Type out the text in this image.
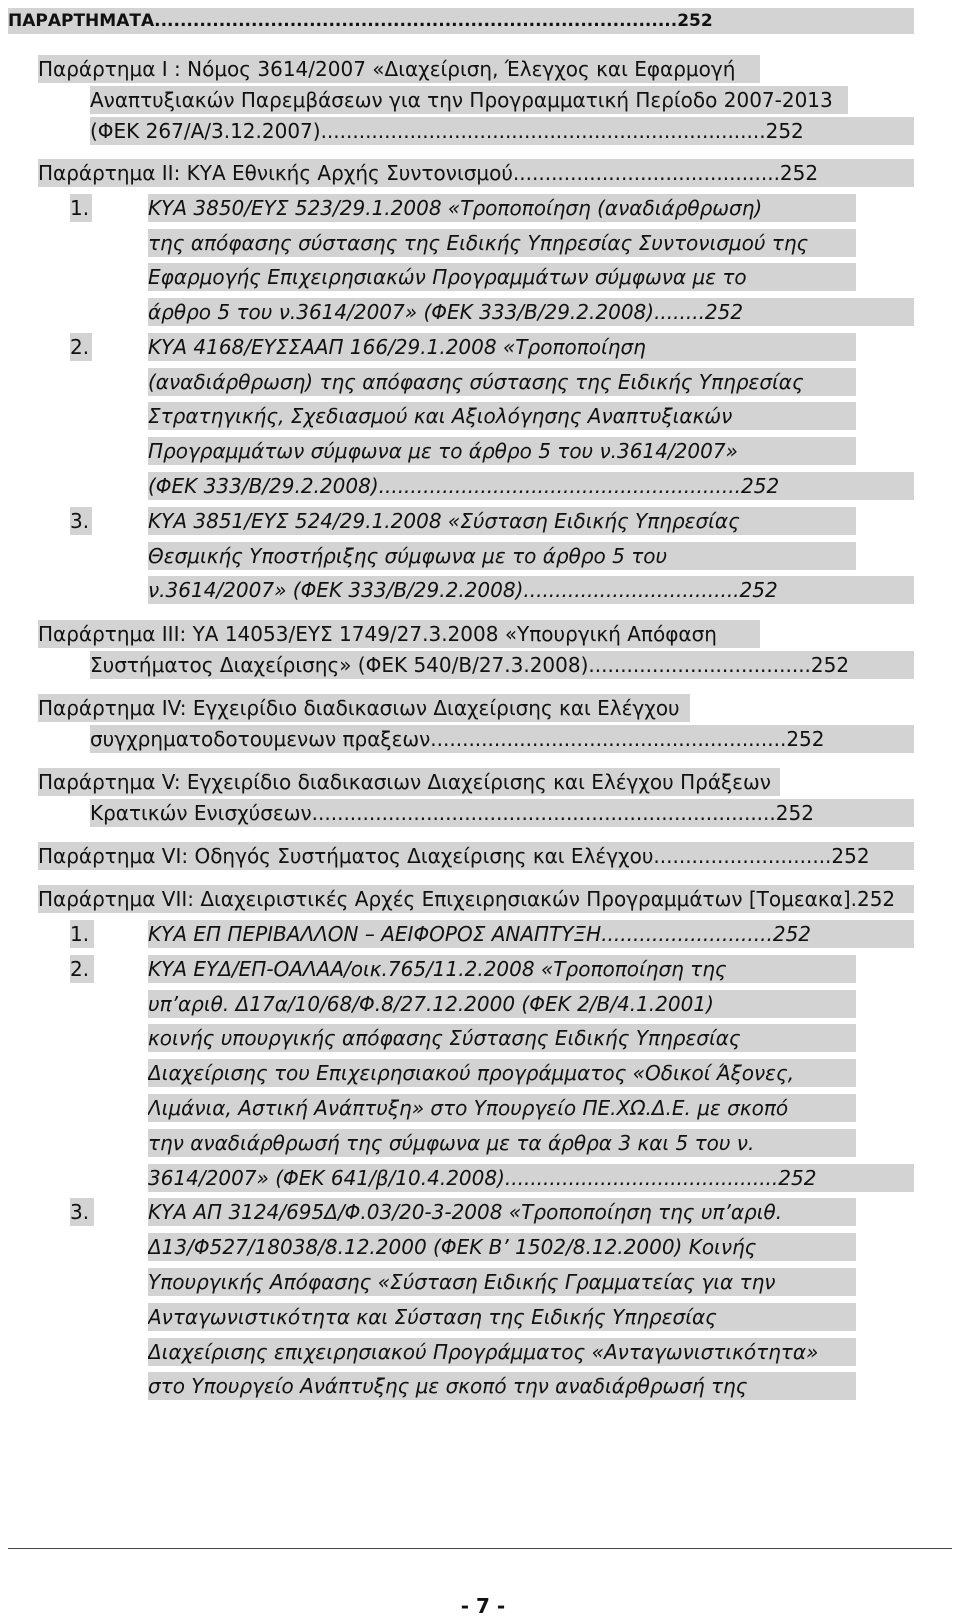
ΠΑΡΑΡΤΗΜΑΤΑ.................................................................................252
Παράρτημα Ι : Νόμος 3614/2007 «Διαχείριση, Έλεγχος και Εφαρμογή
Αναπτυξιακών Παρεμβάσεων για την Προγραμματική Περίοδο 2007-2013
(ΦΕΚ 267/Α/3.12.2007)......................................................................252
Παράρτημα ΙΙ: ΚΥΑ Εθνικής Αρχής Συντονισμού..........................................252
1.	ΚΥΑ 3850/ΕΥΣ 523/29.1.2008 «Τροποποίηση (αναδιάρθρωση)
της απόφασης σύστασης της Ειδικής Υπηρεσίας Συντονισμού της
Εφαρμογής Επιχειρησιακών Προγραμμάτων σύμφωνα με το
άρθρο 5 του ν.3614/2007» (ΦΕΚ 333/Β/29.2.2008)........252
2.	ΚΥΑ 4168/ΕΥΣΣΑΑΠ 166/29.1.2008 «Τροποποίηση
(αναδιάρθρωση) της απόφασης σύστασης της Ειδικής Υπηρεσίας
Στρατηγικής, Σχεδιασμού και Αξιολόγησης Αναπτυξιακών
Προγραμμάτων σύμφωνα με το άρθρο 5 του ν.3614/2007»
(ΦΕΚ 333/Β/29.2.2008).........................................................252
3.	ΚΥΑ 3851/ΕΥΣ 524/29.1.2008 «Σύσταση Ειδικής Υπηρεσίας
Θεσμικής Υποστήριξης σύμφωνα με το άρθρο 5 του
ν.3614/2007» (ΦΕΚ 333/Β/29.2.2008)..................................252
Παράρτημα ΙΙΙ: ΥΑ 14053/ΕΥΣ 1749/27.3.2008 «Υπουργική Απόφαση
Συστήματος Διαχείρισης» (ΦΕΚ 540/Β/27.3.2008)...................................252
Παράρτημα ΙV: Εγχειρίδιο διαδικασιων Διαχείρισης και Ελέγχου
συγχρηματοδοτουμενων πραξεων........................................................252
Παράρτημα V: Εγχειρίδιο διαδικασιων Διαχείρισης και Ελέγχου Πράξεων
Κρατικών Ενισχύσεων.........................................................................252
Παράρτημα VI: Οδηγός Συστήματος Διαχείρισης και Ελέγχου............................252
Παράρτημα VII: Διαχειριστικές Αρχές Επιχειρησιακών Προγραμμάτων [Τομεακα].252
1.	ΚΥΑ ΕΠ ΠΕΡΙΒΑΛΛΟΝ – ΑΕΙΦΟΡΟΣ ΑΝΑΠΤΥΞΗ...........................252
2.	ΚΥΑ ΕΥΔ/ΕΠ-ΟΑΛΑΑ/οικ.765/11.2.2008 «Τροποποίηση της
υπ’αριθ. Δ17α/10/68/Φ.8/27.12.2000 (ΦΕΚ 2/Β/4.1.2001)
κοινής υπουργικής απόφασης Σύστασης Ειδικής Υπηρεσίας
Διαχείρισης του Επιχειρησιακού προγράμματος «Οδικοί Άξονες,
Λιμάνια, Αστική Ανάπτυξη» στο Υπουργείο ΠΕ.ΧΩ.Δ.Ε. με σκοπό
την αναδιάρθρωσή της σύμφωνα με τα άρθρα 3 και 5 του ν.
3614/2007» (ΦΕΚ 641/β/10.4.2008)...........................................252
3.	ΚΥΑ ΑΠ 3124/695Δ/Φ.03/20-3-2008 «Τροποποίηση της υπ’αριθ.
Δ13/Φ527/18038/8.12.2000 (ΦΕΚ Β’ 1502/8.12.2000) Κοινής
Υπουργικής Απόφασης «Σύσταση Ειδικής Γραμματείας για την
Ανταγωνιστικότητα και Σύσταση της Ειδικής Υπηρεσίας
Διαχείρισης επιχειρησιακού Προγράμματος «Ανταγωνιστικότητα»
στο Υπουργείο Ανάπτυξης με σκοπό την αναδιάρθρωσή της
- 7 -
